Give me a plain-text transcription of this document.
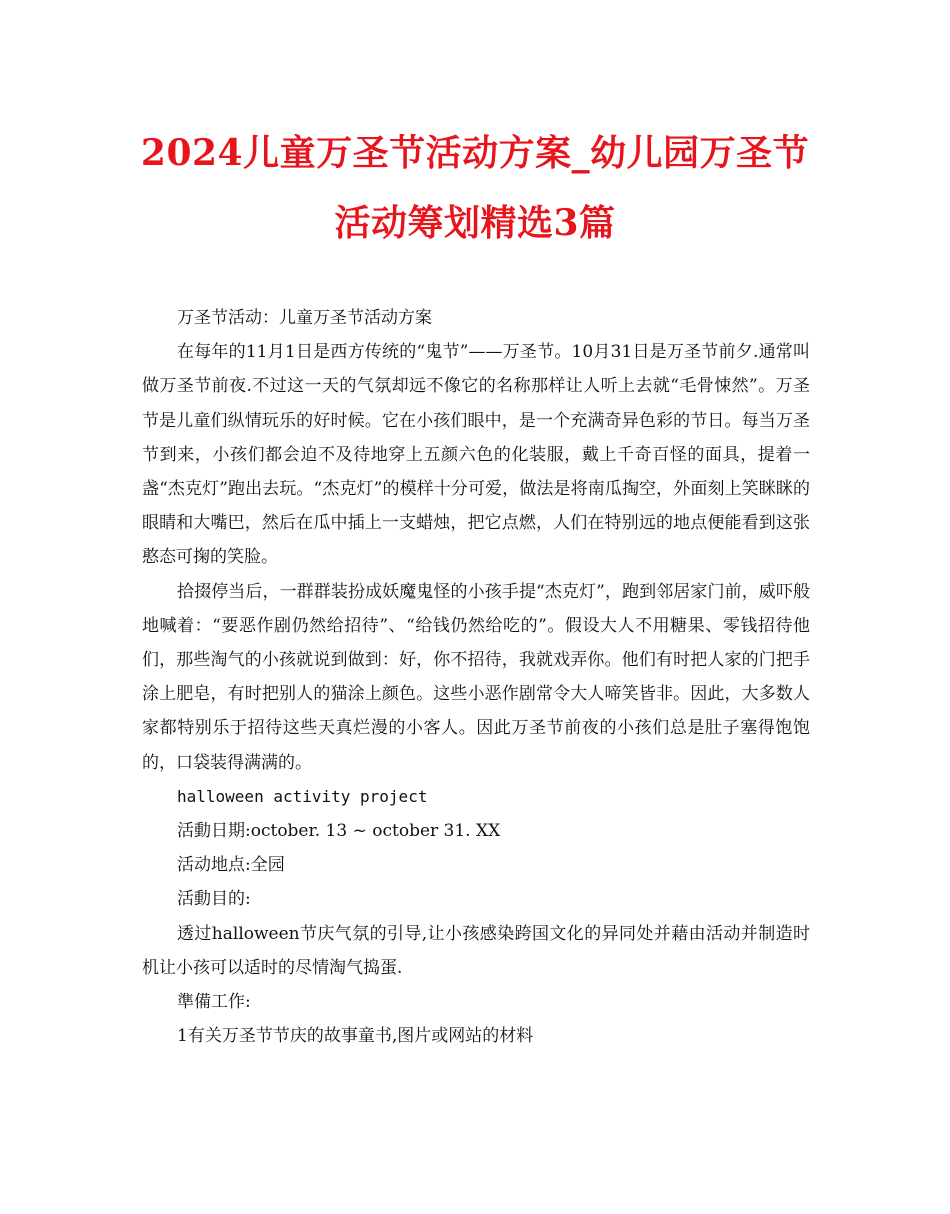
2024儿童万圣节活动方案_幼儿园万圣节
活动筹划精选3篇

万圣节活动：儿童万圣节活动方案

在每年的11月1日是西方传统的“鬼节”——万圣节。10月31日是万圣节前夕.通常叫做万圣节前夜.不过这一天的气氛却远不像它的名称那样让人听上去就“毛骨悚然”。万圣节是儿童们纵情玩乐的好时候。它在小孩们眼中，是一个充满奇异色彩的节日。每当万圣节到来，小孩们都会迫不及待地穿上五颜六色的化装服，戴上千奇百怪的面具，提着一盏“杰克灯”跑出去玩。“杰克灯”的模样十分可爱，做法是将南瓜掏空，外面刻上笑眯眯的眼睛和大嘴巴，然后在瓜中插上一支蜡烛，把它点燃，人们在特别远的地点便能看到这张憨态可掬的笑脸。

拾掇停当后，一群群装扮成妖魔鬼怪的小孩手提“杰克灯”，跑到邻居家门前，威吓般地喊着：“要恶作剧仍然给招待”、“给钱仍然给吃的”。假设大人不用糖果、零钱招待他们，那些淘气的小孩就说到做到：好，你不招待，我就戏弄你。他们有时把人家的门把手涂上肥皂，有时把别人的猫涂上颜色。这些小恶作剧常令大人啼笑皆非。因此，大多数人家都特别乐于招待这些天真烂漫的小客人。因此万圣节前夜的小孩们总是肚子塞得饱饱的，口袋装得满满的。

halloween activity project

活動日期:october. 13 ~ october 31. XX

活动地点:全园

活動目的:

透过halloween节庆气氛的引导,让小孩感染跨国文化的异同处并藉由活动并制造时机让小孩可以适时的尽情淘气捣蛋.

準備工作:

1有关万圣节节庆的故事童书,图片或网站的材料
